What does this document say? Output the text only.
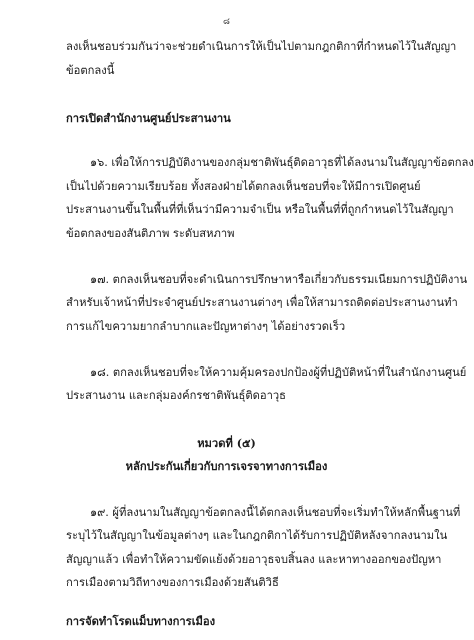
๘
ลงเห็นชอบร่วมกันว่าจะช่วยดำเนินการให้เป็นไปตามกฎกติกาที่กำหนดไว้ในสัญญา
ข้อตกลงนี้
การเปิดสำนักงานศูนย์ประสานงาน
๑๖. เพื่อให้การปฏิบัติงานของกลุ่มชาติพันธุ์ติดอาวุธที่ได้ลงนามในสัญญาข้อตกลง
เป็นไปด้วยความเรียบร้อย ทั้งสองฝ่ายได้ตกลงเห็นชอบที่จะให้มีการเปิดศูนย์
ประสานงานขึ้นในพื้นที่ที่เห็นว่ามีความจำเป็น หรือในพื้นที่ที่ถูกกำหนดไว้ในสัญญา
ข้อตกลงของสันติภาพ ระดับสหภาพ
๑๗. ตกลงเห็นชอบที่จะดำเนินการปรึกษาหารือเกี่ยวกับธรรมเนียมการปฏิบัติงาน
สำหรับเจ้าหน้าที่ประจำศูนย์ประสานงานต่างๆ เพื่อให้สามารถติดต่อประสานงานทำ
การแก้ไขความยากลำบากและปัญหาต่างๆ ได้อย่างรวดเร็ว
๑๘. ตกลงเห็นชอบที่จะให้ความคุ้มครองปกป้องผู้ที่ปฏิบัติหน้าที่ในสำนักงานศูนย์
ประสานงาน และกลุ่มองค์กรชาติพันธุ์ติดอาวุธ
หมวดที่ (๕)
หลักประกันเกี่ยวกับการเจรจาทางการเมือง
๑๙. ผู้ที่ลงนามในสัญญาข้อตกลงนี้ได้ตกลงเห็นชอบที่จะเริ่มทำให้หลักพื้นฐานที่
ระบุไว้ในสัญญาในข้อมูลต่างๆ และในกฎกติกาได้รับการปฏิบัติหลังจากลงนามใน
สัญญาแล้ว เพื่อทำให้ความขัดแย้งด้วยอาวุธจบสิ้นลง และหาทางออกของปัญหา
การเมืองตามวิถีทางของการเมืองด้วยสันติวิธี
การจัดทำโรดแม็บทางการเมือง
